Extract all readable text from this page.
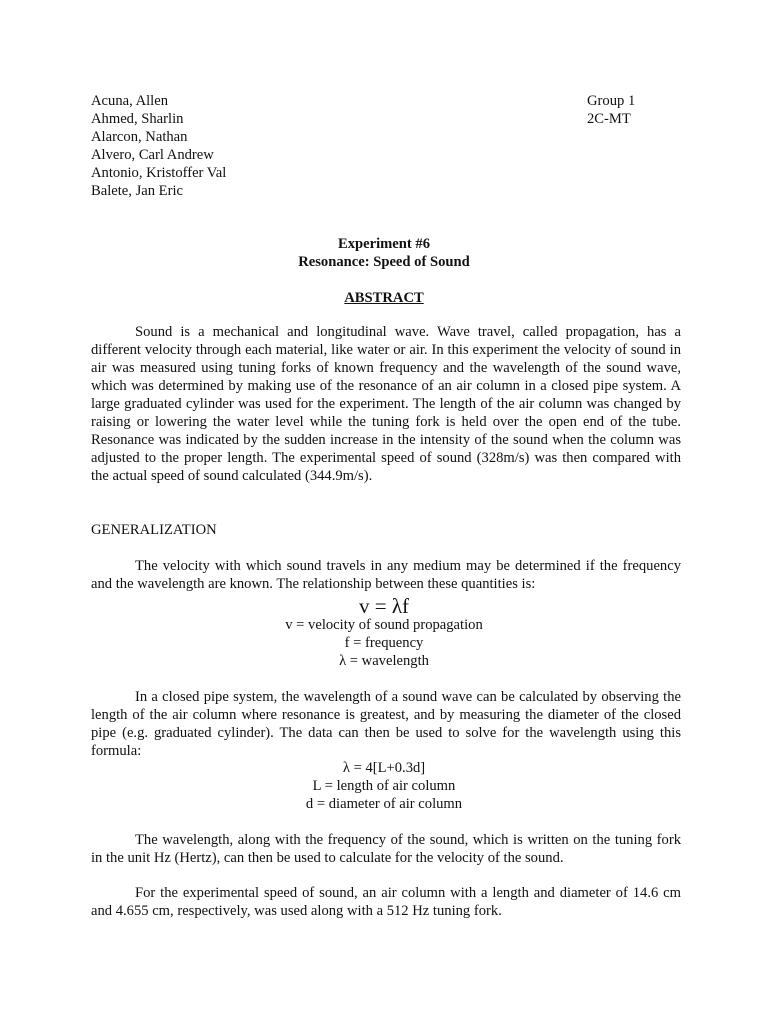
Acuna, Allen
Ahmed, Sharlin
Alarcon, Nathan
Alvero, Carl Andrew
Antonio, Kristoffer Val
Balete, Jan Eric
Group 1
2C-MT
Experiment #6
Resonance: Speed of Sound
ABSTRACT

Sound is a mechanical and longitudinal wave. Wave travel, called propagation, has a different velocity through each material, like water or air. In this experiment the velocity of sound in air was measured using tuning forks of known frequency and the wavelength of the sound wave, which was determined by making use of the resonance of an air column in a closed pipe system. A large graduated cylinder was used for the experiment. The length of the air column was changed by raising or lowering the water level while the tuning fork is held over the open end of the tube. Resonance was indicated by the sudden increase in the intensity of the sound when the column was adjusted to the proper length. The experimental speed of sound (328m/s) was then compared with the actual speed of sound calculated (344.9m/s).

GENERALIZATION

The velocity with which sound travels in any medium may be determined if the frequency and the wavelength are known. The relationship between these quantities is:

v = λf
v = velocity of sound propagation
f = frequency
λ = wavelength

In a closed pipe system, the wavelength of a sound wave can be calculated by observing the length of the air column where resonance is greatest, and by measuring the diameter of the closed pipe (e.g. graduated cylinder). The data can then be used to solve for the wavelength using this formula:

λ = 4[L+0.3d]
L = length of air column
d = diameter of air column

The wavelength, along with the frequency of the sound, which is written on the tuning fork in the unit Hz (Hertz), can then be used to calculate for the velocity of the sound.

For the experimental speed of sound, an air column with a length and diameter of 14.6 cm and 4.655 cm, respectively, was used along with a 512 Hz tuning fork.
